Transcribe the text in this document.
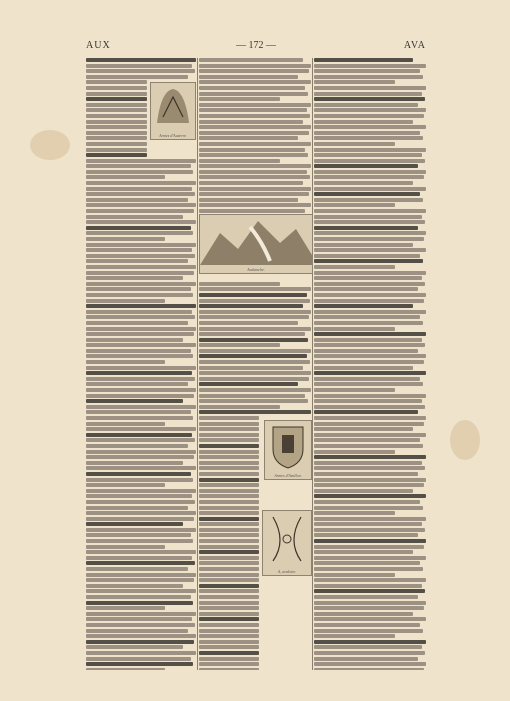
AUX	— 172 —	AVA
Armes d'Auxerre.
Avalanche.
Armes d'Avallon.
A, avaloire.
